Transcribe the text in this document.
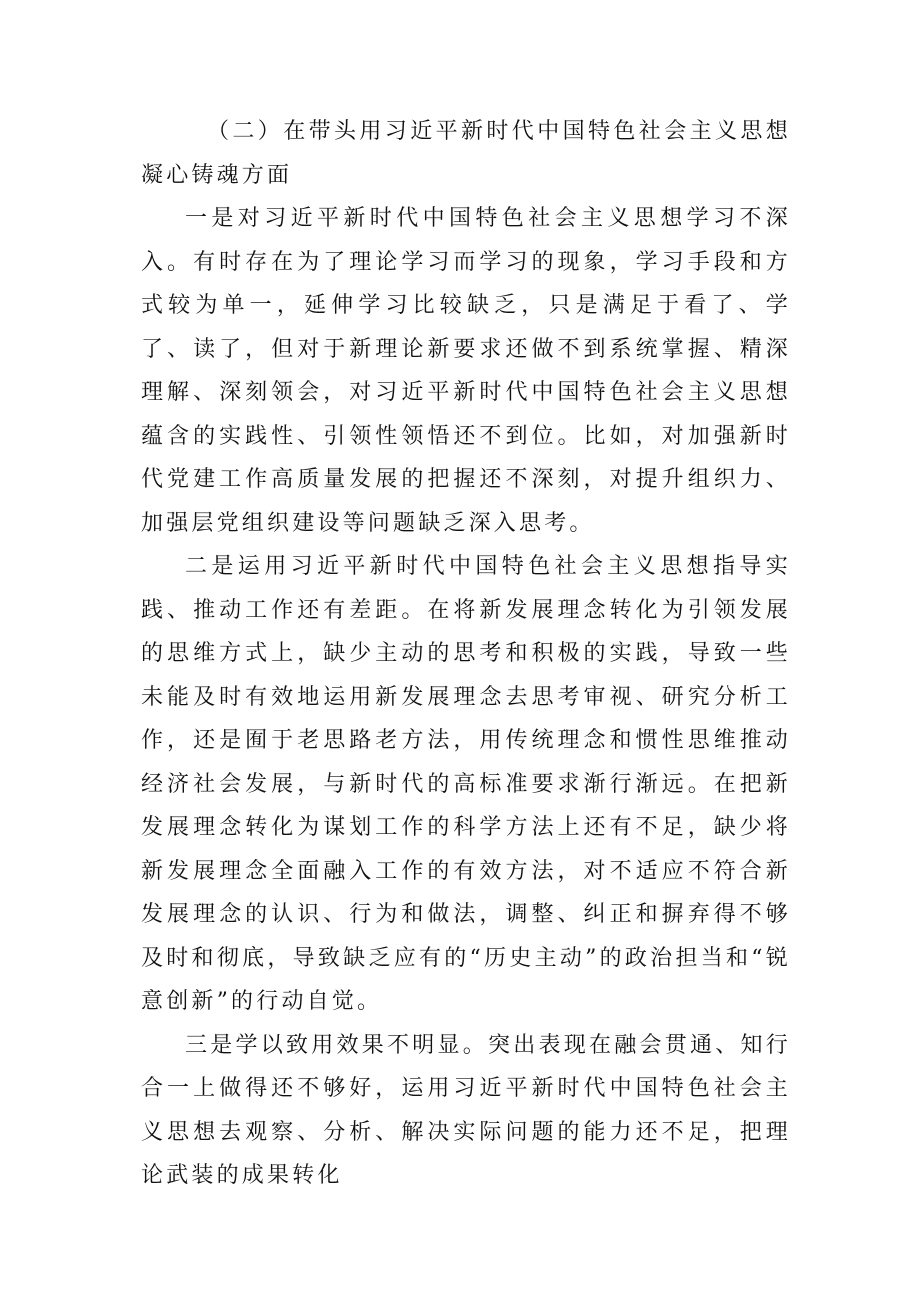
（二）在带头用习近平新时代中国特色社会主义思想凝心铸魂方面

一是对习近平新时代中国特色社会主义思想学习不深入。有时存在为了理论学习而学习的现象，学习手段和方式较为单一，延伸学习比较缺乏，只是满足于看了、学了、读了，但对于新理论新要求还做不到系统掌握、精深理解、深刻领会，对习近平新时代中国特色社会主义思想蕴含的实践性、引领性领悟还不到位。比如，对加强新时代党建工作高质量发展的把握还不深刻，对提升组织力、加强层党组织建设等问题缺乏深入思考。

二是运用习近平新时代中国特色社会主义思想指导实践、推动工作还有差距。在将新发展理念转化为引领发展的思维方式上，缺少主动的思考和积极的实践，导致一些未能及时有效地运用新发展理念去思考审视、研究分析工作，还是囿于老思路老方法，用传统理念和惯性思维推动经济社会发展，与新时代的高标准要求渐行渐远。在把新发展理念转化为谋划工作的科学方法上还有不足，缺少将新发展理念全面融入工作的有效方法，对不适应不符合新发展理念的认识、行为和做法，调整、纠正和摒弃得不够及时和彻底，导致缺乏应有的“历史主动”的政治担当和“锐意创新”的行动自觉。

三是学以致用效果不明显。突出表现在融会贯通、知行合一上做得还不够好，运用习近平新时代中国特色社会主义思想去观察、分析、解决实际问题的能力还不足，把理论武装的成果转化
